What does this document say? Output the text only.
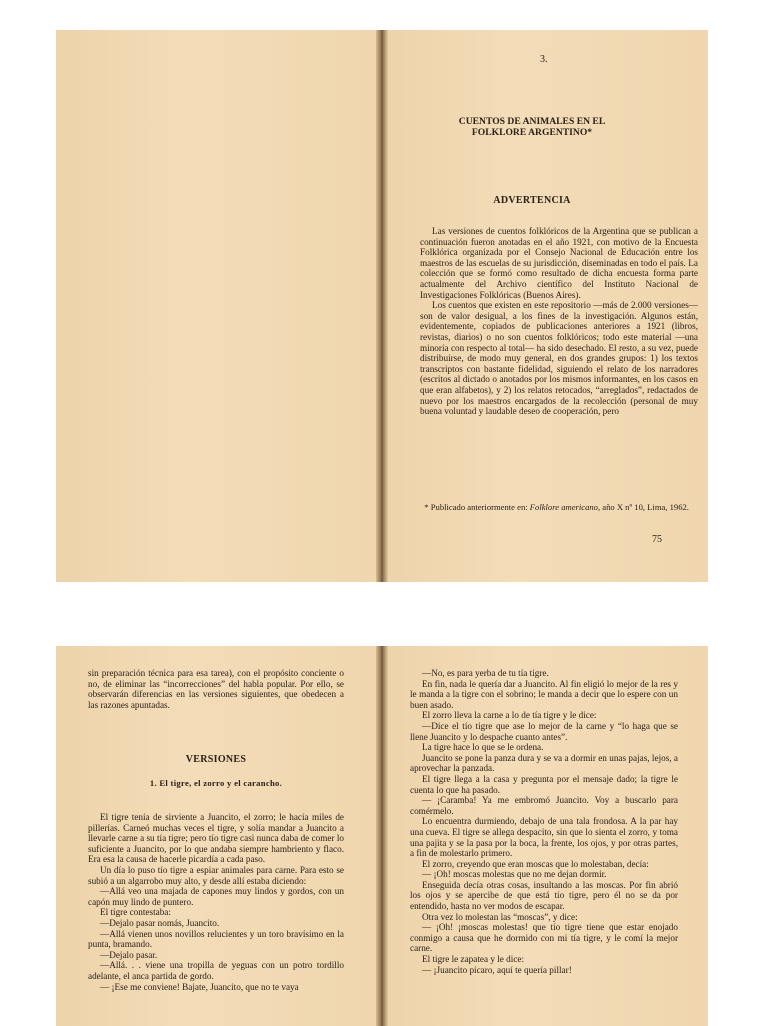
3.
CUENTOS DE ANIMALES EN EL
FOLKLORE ARGENTINO*
ADVERTENCIA

Las versiones de cuentos folklóricos de la Argentina que se publican a continuación fueron anotadas en el año 1921, con motivo de la Encuesta Folklórica organizada por el Consejo Nacional de Educación entre los maestros de las escuelas de su jurisdicción, diseminadas en todo el país. La colección que se formó como resultado de dicha encuesta forma parte actualmente del Archivo científico del Instituto Nacional de Investigaciones Folklóricas (Buenos Aires).

Los cuentos que existen en este repositorio —más de 2.000 versiones— son de valor desigual, a los fines de la investigación. Algunos están, evidentemente, copiados de publicaciones anteriores a 1921 (libros, revistas, diarios) o no son cuentos folklóricos; todo este material —una minoría con respecto al total— ha sido desechado. El resto, a su vez, puede distribuirse, de modo muy general, en dos grandes grupos: 1) los textos transcriptos con bastante fidelidad, siguiendo el relato de los narradores (escritos al dictado o anotados por los mismos informantes, en los casos en que eran alfabetos), y 2) los relatos retocados, “arreglados”, redactados de nuevo por los maestros encargados de la recolección (personal de muy buena voluntad y laudable deseo de cooperación, pero

* Publicado anteriormente en: Folklore americano, año X nº 10, Lima, 1962.
75

sin preparación técnica para esa tarea), con el propósito conciente o no, de eliminar las “incorrecciones” del habla popular. Por ello, se observarán diferencias en las versiones siguientes, que obedecen a las razones apuntadas.

VERSIONES
1. El tigre, el zorro y el carancho.

El tigre tenía de sirviente a Juancito, el zorro; le hacía miles de pillerías. Carneó muchas veces el tigre, y solía mandar a Juancito a llevarle carne a su tía tigre; pero tío tigre casi nunca daba de comer lo suficiente a Juancito, por lo que andaba siempre hambriento y flaco. Era esa la causa de hacerle picardía a cada paso.

Un día lo puso tío tigre a espiar animales para carne. Para esto se subió a un algarrobo muy alto, y desde allí estaba diciendo:

—Allá veo una majada de capones muy lindos y gordos, con un capón muy lindo de puntero.

El tigre contestaba:

—Dejalo pasar nomás, Juancito.

—Allá vienen unos novillos relucientes y un toro bravísimo en la punta, bramando.

—Dejalo pasar.

—Allá. . . viene una tropilla de yeguas con un potro tordillo adelante, el anca partida de gordo.

— ¡Ese me conviene! Bajate, Juancito, que no te vaya

—No, es para yerba de tu tía tigre.

En fin, nada le quería dar a Juancito. Al fin eligió lo mejor de la res y le manda a la tigre con el sobrino; le manda a decir que lo espere con un buen asado.

El zorro lleva la carne a lo de tía tigre y le dice:

—Dice el tío tigre que ase lo mejor de la carne y “lo haga que se llene Juancito y lo despache cuanto antes”.

La tigre hace lo que se le ordena.

Juancito se pone la panza dura y se va a dormir en unas pajas, lejos, a aprovechar la panzada.

El tigre llega a la casa y pregunta por el mensaje dado; la tigre le cuenta lo que ha pasado.

— ¡Caramba! Ya me embromó Juancito. Voy a buscarlo para comérmelo.

Lo encuentra durmiendo, debajo de una tala frondosa. A la par hay una cueva. El tigre se allega despacito, sin que lo sienta el zorro, y toma una pajita y se la pasa por la boca, la frente, los ojos, y por otras partes, a fin de molestarlo primero.

El zorro, creyendo que eran moscas que lo molestaban, decía:

— ¡Oh! moscas molestas que no me dejan dormir.

Enseguida decía otras cosas, insultando a las moscas. Por fin abrió los ojos y se apercibe de que está tío tigre, pero él no se da por entendido, hasta no ver modos de escapar.

Otra vez lo molestan las “moscas”, y dice:

— ¡Oh! ¡moscas molestas! que tío tigre tiene que estar enojado conmigo a causa que he dormido con mi tía tigre, y le comí la mejor carne.

El tigre le zapatea y le dice:

— ¡Juancito pícaro, aquí te quería pillar!
